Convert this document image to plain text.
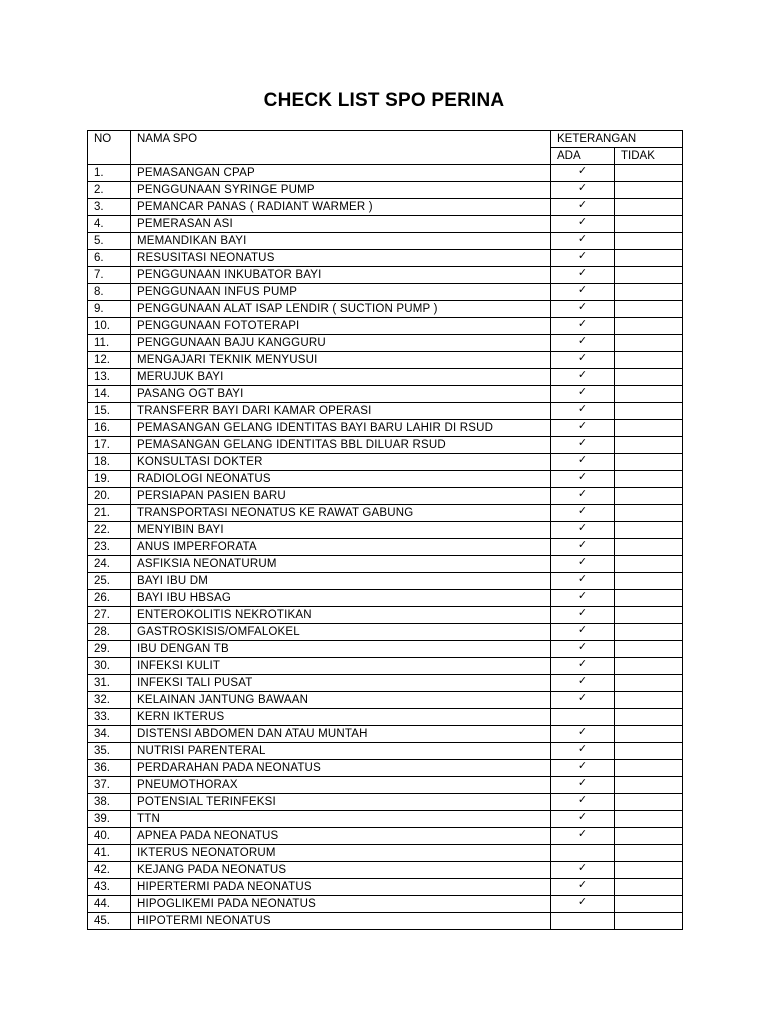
CHECK LIST SPO PERINA
NO	NAMA SPO	KETERANGAN	
		ADA	TIDAK
1.	PEMASANGAN CPAP	✓	
2.	PENGGUNAAN SYRINGE PUMP	✓	
3.	PEMANCAR PANAS ( RADIANT WARMER )	✓	
4.	PEMERASAN ASI	✓	
5.	MEMANDIKAN BAYI	✓	
6.	RESUSITASI NEONATUS	✓	
7.	PENGGUNAAN INKUBATOR BAYI	✓	
8.	PENGGUNAAN INFUS PUMP	✓	
9.	PENGGUNAAN ALAT ISAP LENDIR ( SUCTION PUMP )	✓	
10.	PENGGUNAAN FOTOTERAPI	✓	
11.	PENGGUNAAN BAJU KANGGURU	✓	
12.	MENGAJARI TEKNIK MENYUSUI	✓	
13.	MERUJUK BAYI	✓	
14.	PASANG OGT BAYI	✓	
15.	TRANSFERR BAYI DARI KAMAR OPERASI	✓	
16.	PEMASANGAN GELANG IDENTITAS BAYI BARU LAHIR DI RSUD	✓	
17.	PEMASANGAN GELANG IDENTITAS BBL DILUAR RSUD	✓	
18.	KONSULTASI DOKTER	✓	
19.	RADIOLOGI NEONATUS	✓	
20.	PERSIAPAN PASIEN BARU	✓	
21.	TRANSPORTASI NEONATUS KE RAWAT GABUNG	✓	
22.	MENYIBIN BAYI	✓	
23.	ANUS IMPERFORATA	✓	
24.	ASFIKSIA NEONATURUM	✓	
25.	BAYI IBU DM	✓	
26.	BAYI IBU HBSAG	✓	
27.	ENTEROKOLITIS NEKROTIKAN	✓	
28.	GASTROSKISIS/OMFALOKEL	✓	
29.	IBU DENGAN TB	✓	
30.	INFEKSI KULIT	✓	
31.	INFEKSI TALI PUSAT	✓	
32.	KELAINAN JANTUNG BAWAAN	✓	
33.	KERN IKTERUS		
34.	DISTENSI ABDOMEN DAN ATAU MUNTAH	✓	
35.	NUTRISI PARENTERAL	✓	
36.	PERDARAHAN PADA NEONATUS	✓	
37.	PNEUMOTHORAX	✓	
38.	POTENSIAL TERINFEKSI	✓	
39.	TTN	✓	
40.	APNEA PADA NEONATUS	✓	
41.	IKTERUS NEONATORUM		
42.	KEJANG PADA NEONATUS	✓	
43.	HIPERTERMI PADA NEONATUS	✓	
44.	HIPOGLIKEMI PADA NEONATUS	✓	
45.	HIPOTERMI NEONATUS		
